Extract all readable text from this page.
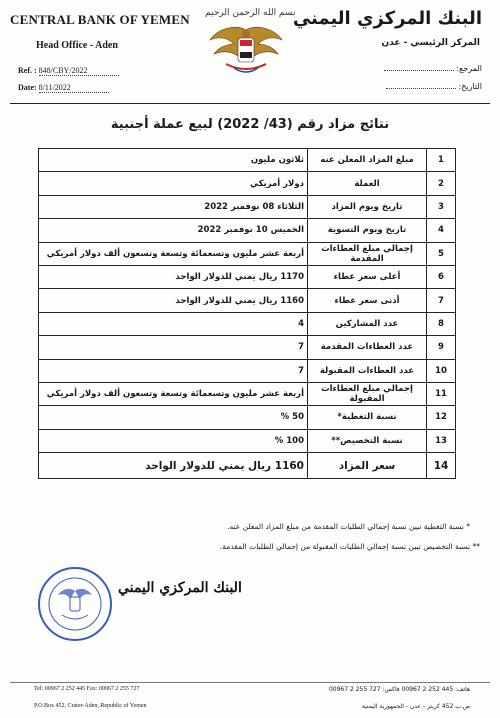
CENTRAL BANK OF YEMEN
Head Office - Aden
Ref. : 848/CBY/2022
Date: 8/11/2022
بسم الله الرحمن الرحيم
البنك المركزي اليمني
المركز الرئيسي - عدن
المرجع:
التاريخ:
نتائج مزاد رقم (43/ 2022) لبيع عملة أجنبية
1	مبلغ المزاد المعلن عنه	ثلاثون مليون
2	العملة	دولار أمريكي
3	تاريخ ويوم المزاد	الثلاثاء 08 نوفمبر 2022
4	تاريخ ويوم التسوية	الخميس 10 نوفمبر 2022
5	إجمالي مبلغ العطاءات المقدمة	أربعة عشر مليون وتسعمائة وتسعة وتسعون ألف دولار أمريكي
6	أعلى سعر عطاء	1170 ريال يمني للدولار الواحد
7	أدنى سعر عطاء	1160 ريال يمني للدولار الواحد
8	عدد المشاركين	4
9	عدد العطاءات المقدمة	7
10	عدد العطاءات المقبولة	7
11	إجمالي مبلغ العطاءات المقبولة	أربعة عشر مليون وتسعمائة وتسعة وتسعون ألف دولار أمريكي
12	نسبة التغطية*	50 %
13	نسبة التخصيص**	100 %
14	سعر المزاد	1160 ريال يمني للدولار الواحد
* نسبة التغطية تبين نسبة إجمالي الطلبات المقدمة من مبلغ المزاد المعلن عنه.
** نسبة التخصيص تبين نسبة إجمالي الطلبات المقبولة من إجمالي الطلبات المقدمة.
البنك المركزي اليمني
Tel: 00967 2 252 445 Fax: 00967 2 255 727
P.O.Box 452, Crater-Aden, Republic of Yemen
هاتف: 445 252 2 00967 فاكس: 727 255 2 00967
ص.ب 452 كريتر - عدن - الجمهورية اليمنية
